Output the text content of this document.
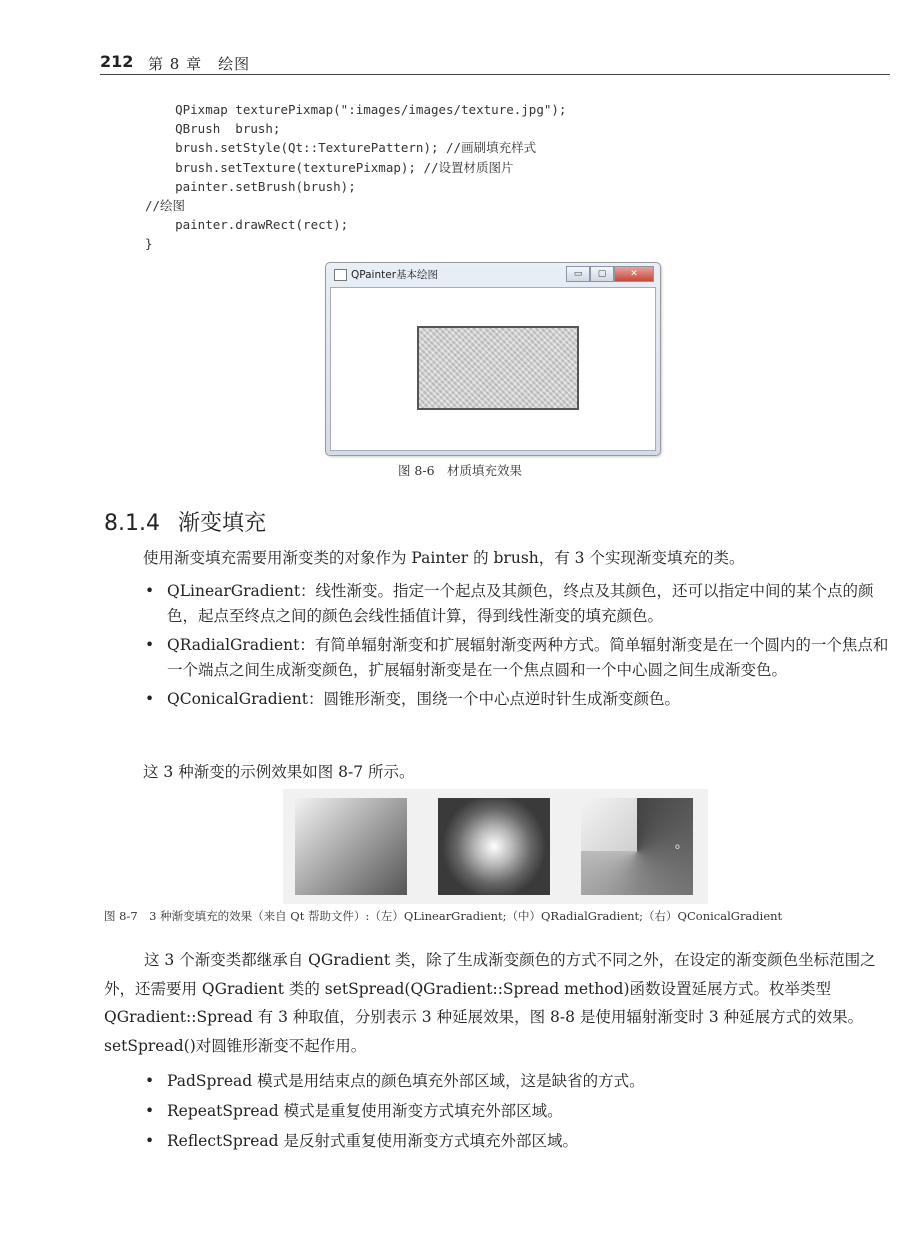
212 第 8 章　绘图
QPixmap texturePixmap(":images/images/texture.jpg");
QBrush  brush;
brush.setStyle(Qt::TexturePattern); //画刷填充样式
brush.setTexture(texturePixmap); //设置材质图片
painter.setBrush(brush);
//绘图
painter.drawRect(rect);
}
QPainter基本绘图	▭	▢	✕
图 8-6　材质填充效果
8.1.4 渐变填充
使用渐变填充需要用渐变类的对象作为 Painter 的 brush，有 3 个实现渐变填充的类。
• QLinearGradient：线性渐变。指定一个起点及其颜色，终点及其颜色，还可以指定中间的某个点的颜色，起点至终点之间的颜色会线性插值计算，得到线性渐变的填充颜色。
• QRadialGradient：有简单辐射渐变和扩展辐射渐变两种方式。简单辐射渐变是在一个圆内的一个焦点和一个端点之间生成渐变颜色，扩展辐射渐变是在一个焦点圆和一个中心圆之间生成渐变色。
• QConicalGradient：圆锥形渐变，围绕一个中心点逆时针生成渐变颜色。
这 3 种渐变的示例效果如图 8-7 所示。
o
图 8-7　3 种渐变填充的效果（来自 Qt 帮助文件）:（左）QLinearGradient;（中）QRadialGradient;（右）QConicalGradient
这 3 个渐变类都继承自 QGradient 类，除了生成渐变颜色的方式不同之外，在设定的渐变颜色坐标范围之外，还需要用 QGradient 类的 setSpread(QGradient::Spread method)函数设置延展方式。枚举类型 QGradient::Spread 有 3 种取值，分别表示 3 种延展效果，图 8-8 是使用辐射渐变时 3 种延展方式的效果。setSpread()对圆锥形渐变不起作用。
• PadSpread 模式是用结束点的颜色填充外部区域，这是缺省的方式。
• RepeatSpread 模式是重复使用渐变方式填充外部区域。
• ReflectSpread 是反射式重复使用渐变方式填充外部区域。
